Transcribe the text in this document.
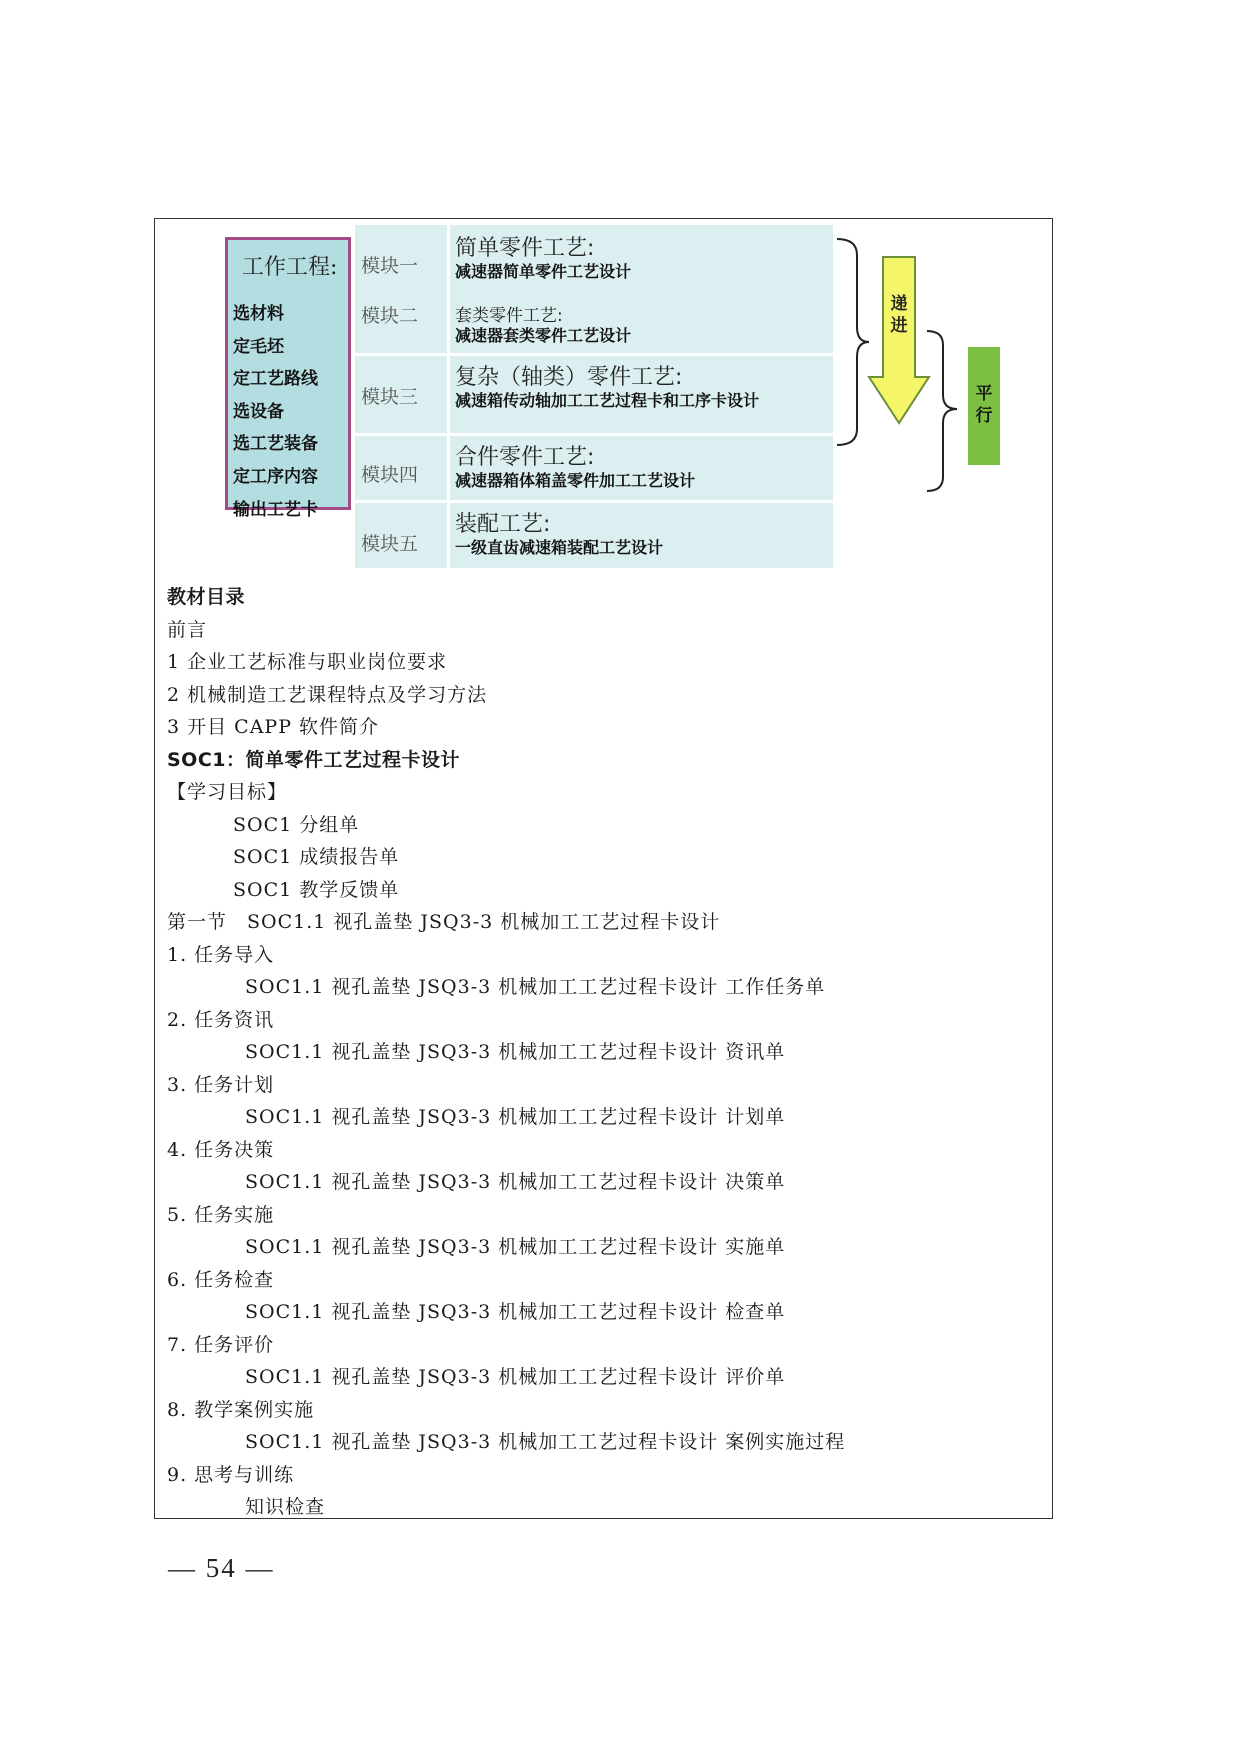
工作工程:
选材料
定毛坯
定工艺路线
选设备
选工艺装备
定工序内容
输出工艺卡
模块一
简单零件工艺:
减速器简单零件工艺设计
模块二	套类零件工艺:
减速器套类零件工艺设计
模块三
复杂（轴类）零件工艺:
减速箱传动轴加工工艺过程卡和工序卡设计
模块四
合件零件工艺:
减速器箱体箱盖零件加工工艺设计
模块五
装配工艺:
一级直齿减速箱装配工艺设计
递进
平行
教材目录
前言
1 企业工艺标准与职业岗位要求
2 机械制造工艺课程特点及学习方法
3 开目 CAPP 软件简介
SOC1：简单零件工艺过程卡设计
【学习目标】
SOC1 分组单
SOC1 成绩报告单
SOC1 教学反馈单
第一节　SOC1.1 视孔盖垫 JSQ3-3 机械加工工艺过程卡设计
1. 任务导入
SOC1.1 视孔盖垫 JSQ3-3 机械加工工艺过程卡设计 工作任务单
2. 任务资讯
SOC1.1 视孔盖垫 JSQ3-3 机械加工工艺过程卡设计 资讯单
3. 任务计划
SOC1.1 视孔盖垫 JSQ3-3 机械加工工艺过程卡设计 计划单
4. 任务决策
SOC1.1 视孔盖垫 JSQ3-3 机械加工工艺过程卡设计 决策单
5. 任务实施
SOC1.1 视孔盖垫 JSQ3-3 机械加工工艺过程卡设计 实施单
6. 任务检查
SOC1.1 视孔盖垫 JSQ3-3 机械加工工艺过程卡设计 检查单
7. 任务评价
SOC1.1 视孔盖垫 JSQ3-3 机械加工工艺过程卡设计 评价单
8. 教学案例实施
SOC1.1 视孔盖垫 JSQ3-3 机械加工工艺过程卡设计 案例实施过程
9. 思考与训练
知识检查
— 54 —
